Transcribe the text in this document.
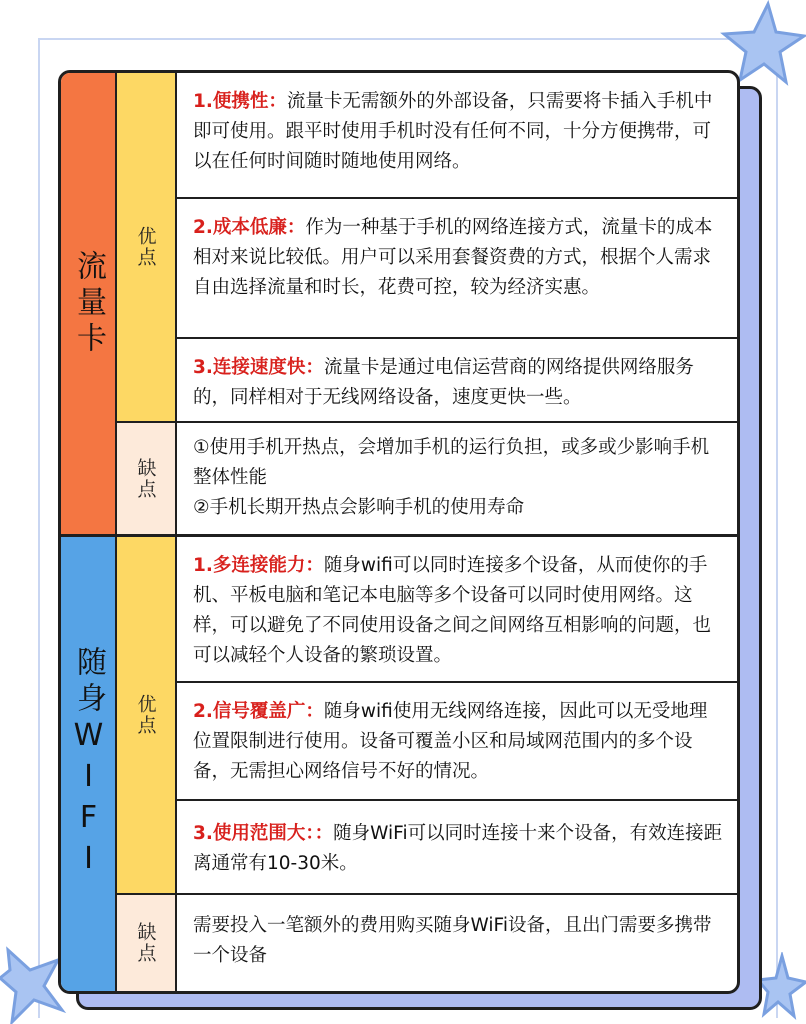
流量卡
优点
缺点
1.便携性：流量卡无需额外的外部设备，只需要将卡插入手机中即可使用。跟平时使用手机时没有任何不同，十分方便携带，可以在任何时间随时随地使用网络。
2.成本低廉：作为一种基于手机的网络连接方式，流量卡的成本相对来说比较低。用户可以采用套餐资费的方式，根据个人需求自由选择流量和时长，花费可控，较为经济实惠。
3.连接速度快：流量卡是通过电信运营商的网络提供网络服务的，同样相对于无线网络设备，速度更快一些。
①使用手机开热点，会增加手机的运行负担，或多或少影响手机整体性能
②手机长期开热点会影响手机的使用寿命
随身WIFI 优点
缺点
1.多连接能力：随身wifi可以同时连接多个设备，从而使你的手机、平板电脑和笔记本电脑等多个设备可以同时使用网络。这样，可以避免了不同使用设备之间之间网络互相影响的问题，也可以减轻个人设备的繁琐设置。
2.信号覆盖广：随身wifi使用无线网络连接，因此可以无受地理位置限制进行使用。设备可覆盖小区和局域网范围内的多个设备，无需担心网络信号不好的情况。
3.使用范围大：：随身WiFi可以同时连接十来个设备，有效连接距离通常有10-30米。
需要投入一笔额外的费用购买随身WiFi设备，且出门需要多携带一个设备
